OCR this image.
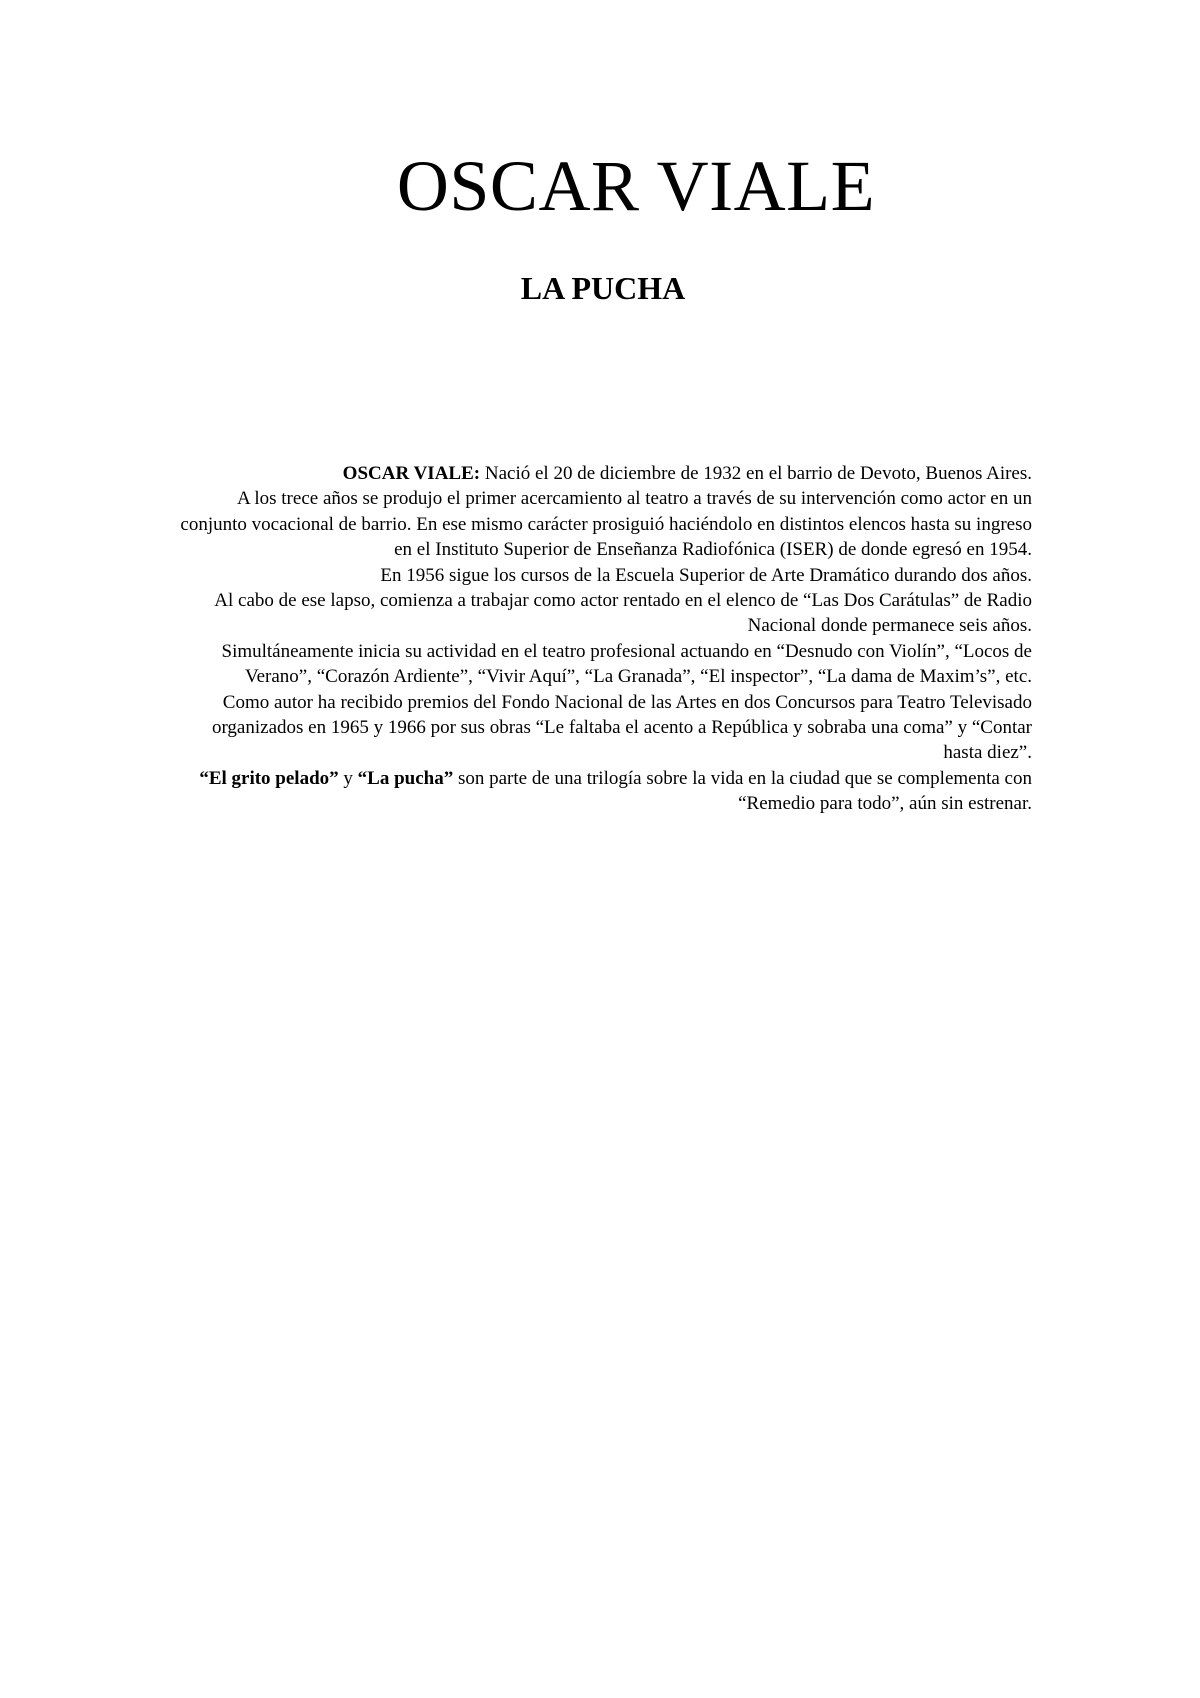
OSCAR VIALE
LA PUCHA

OSCAR VIALE: Nació el 20 de diciembre de 1932 en el barrio de Devoto, Buenos Aires.

A los trece años se produjo el primer acercamiento al teatro a través de su intervención como actor en un conjunto vocacional de barrio. En ese mismo carácter prosiguió haciéndolo en distintos elencos hasta su ingreso en el Instituto Superior de Enseñanza Radiofónica (ISER) de donde egresó en 1954.

En 1956 sigue los cursos de la Escuela Superior de Arte Dramático durando dos años.

Al cabo de ese lapso, comienza a trabajar como actor rentado en el elenco de “Las Dos Carátulas” de Radio Nacional donde permanece seis años.

Simultáneamente inicia su actividad en el teatro profesional actuando en “Desnudo con Violín”, “Locos de Verano”, “Corazón Ardiente”, “Vivir Aquí”, “La Granada”, “El inspector”, “La dama de Maxim’s”, etc.

Como autor ha recibido premios del Fondo Nacional de las Artes en dos Concursos para Teatro Televisado organizados en 1965 y 1966 por sus obras “Le faltaba el acento a República y sobraba una coma” y “Contar hasta diez”.

“El grito pelado” y “La pucha” son parte de una trilogía sobre la vida en la ciudad que se complementa con “Remedio para todo”, aún sin estrenar.
